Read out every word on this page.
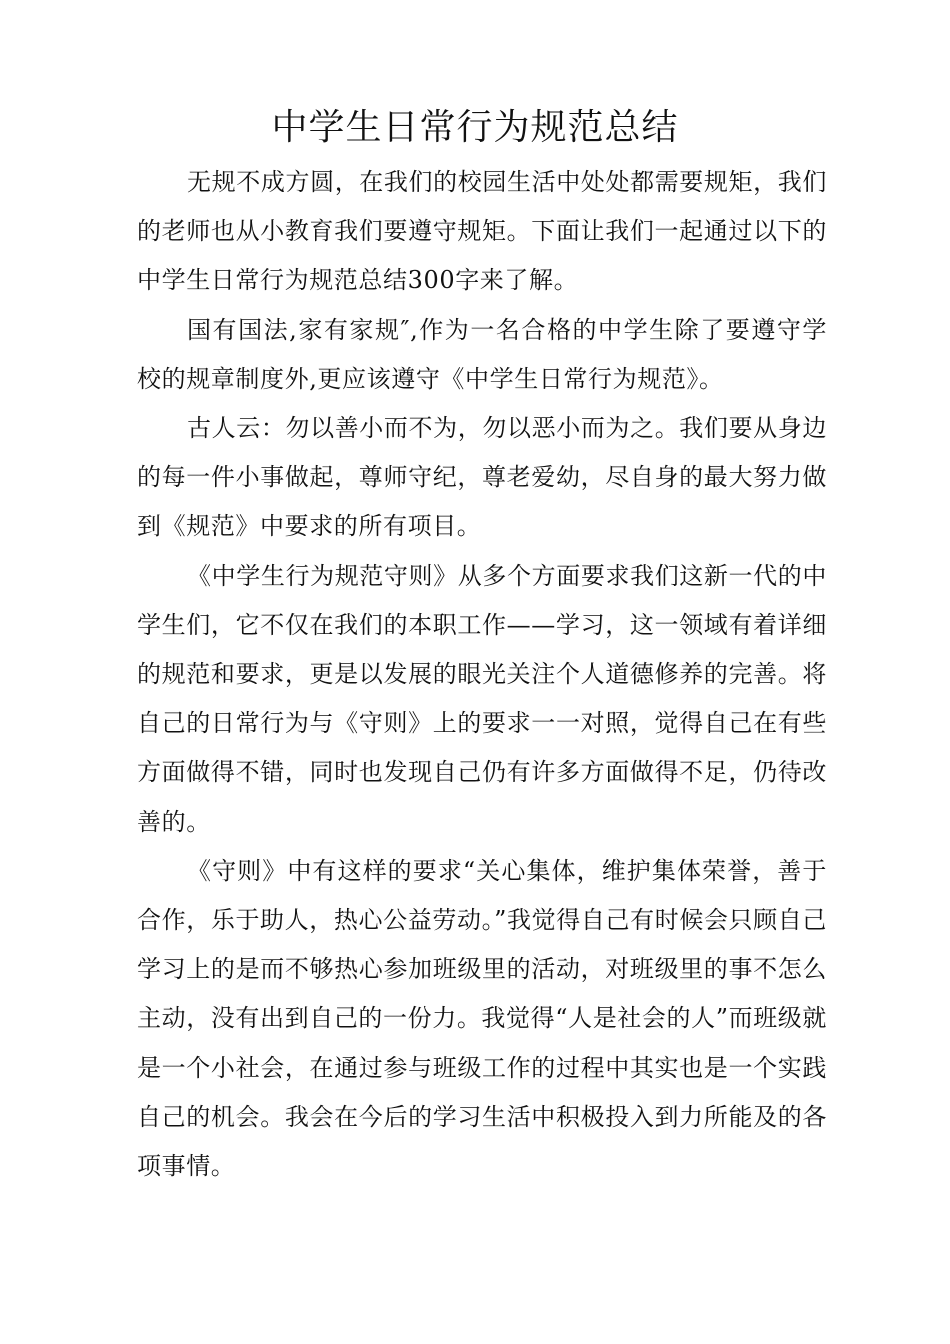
中学生日常行为规范总结

无规不成方圆，在我们的校园生活中处处都需要规矩，我们的老师也从小教育我们要遵守规矩。下面让我们一起通过以下的中学生日常行为规范总结300字来了解。

国有国法,家有家规″,作为一名合格的中学生除了要遵守学校的规章制度外,更应该遵守《中学生日常行为规范》。

古人云：勿以善小而不为，勿以恶小而为之。我们要从身边的每一件小事做起，尊师守纪，尊老爱幼，尽自身的最大努力做到《规范》中要求的所有项目。

《中学生行为规范守则》从多个方面要求我们这新一代的中学生们，它不仅在我们的本职工作——学习，这一领域有着详细的规范和要求，更是以发展的眼光关注个人道德修养的完善。将自己的日常行为与《守则》上的要求一一对照，觉得自己在有些方面做得不错，同时也发现自己仍有许多方面做得不足，仍待改善的。

《守则》中有这样的要求“关心集体，维护集体荣誉，善于合作，乐于助人，热心公益劳动。”我觉得自己有时候会只顾自己学习上的是而不够热心参加班级里的活动，对班级里的事不怎么主动，没有出到自己的一份力。我觉得“人是社会的人”而班级就是一个小社会，在通过参与班级工作的过程中其实也是一个实践自己的机会。我会在今后的学习生活中积极投入到力所能及的各项事情。
